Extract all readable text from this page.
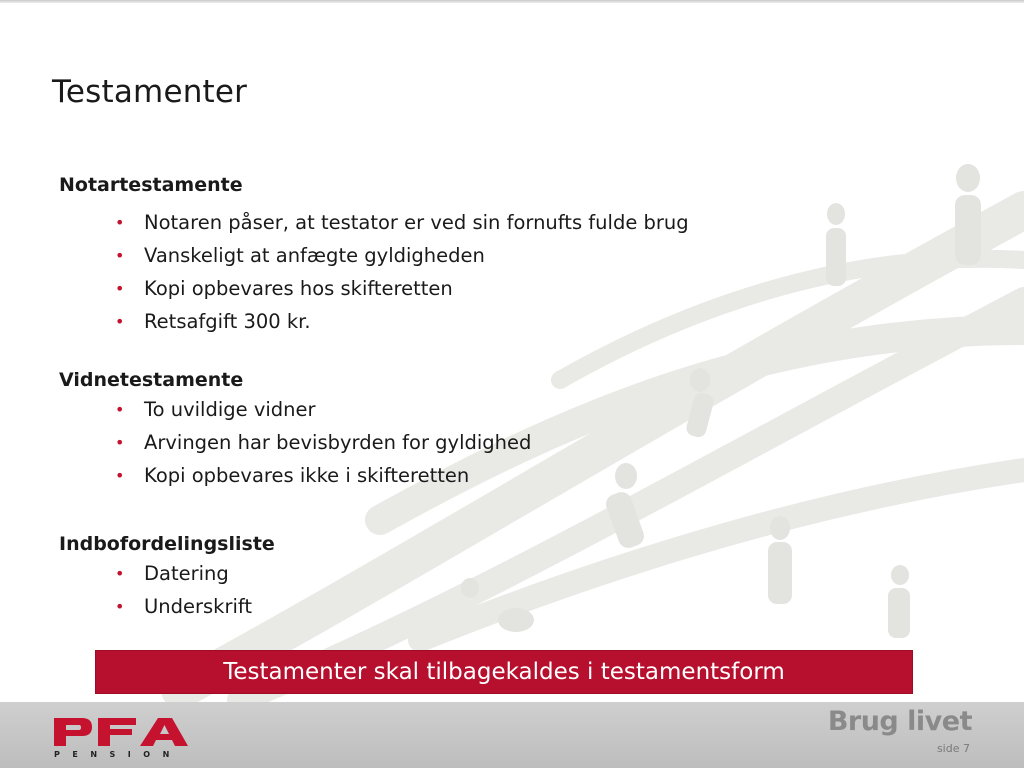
Testamenter

Notartestamente

• Notaren påser, at testator er ved sin fornufts fulde brug
• Vanskeligt at anfægte gyldigheden
• Kopi opbevares hos skifteretten
• Retsafgift 300 kr.

Vidnetestamente

• To uvildige vidner
• Arvingen har bevisbyrden for gyldighed
• Kopi opbevares ikke i skifteretten

Indbofordelingsliste

• Datering
• Underskrift
Testamenter skal tilbagekaldes i testamentsform
PENSION
Brug livet
side 7
